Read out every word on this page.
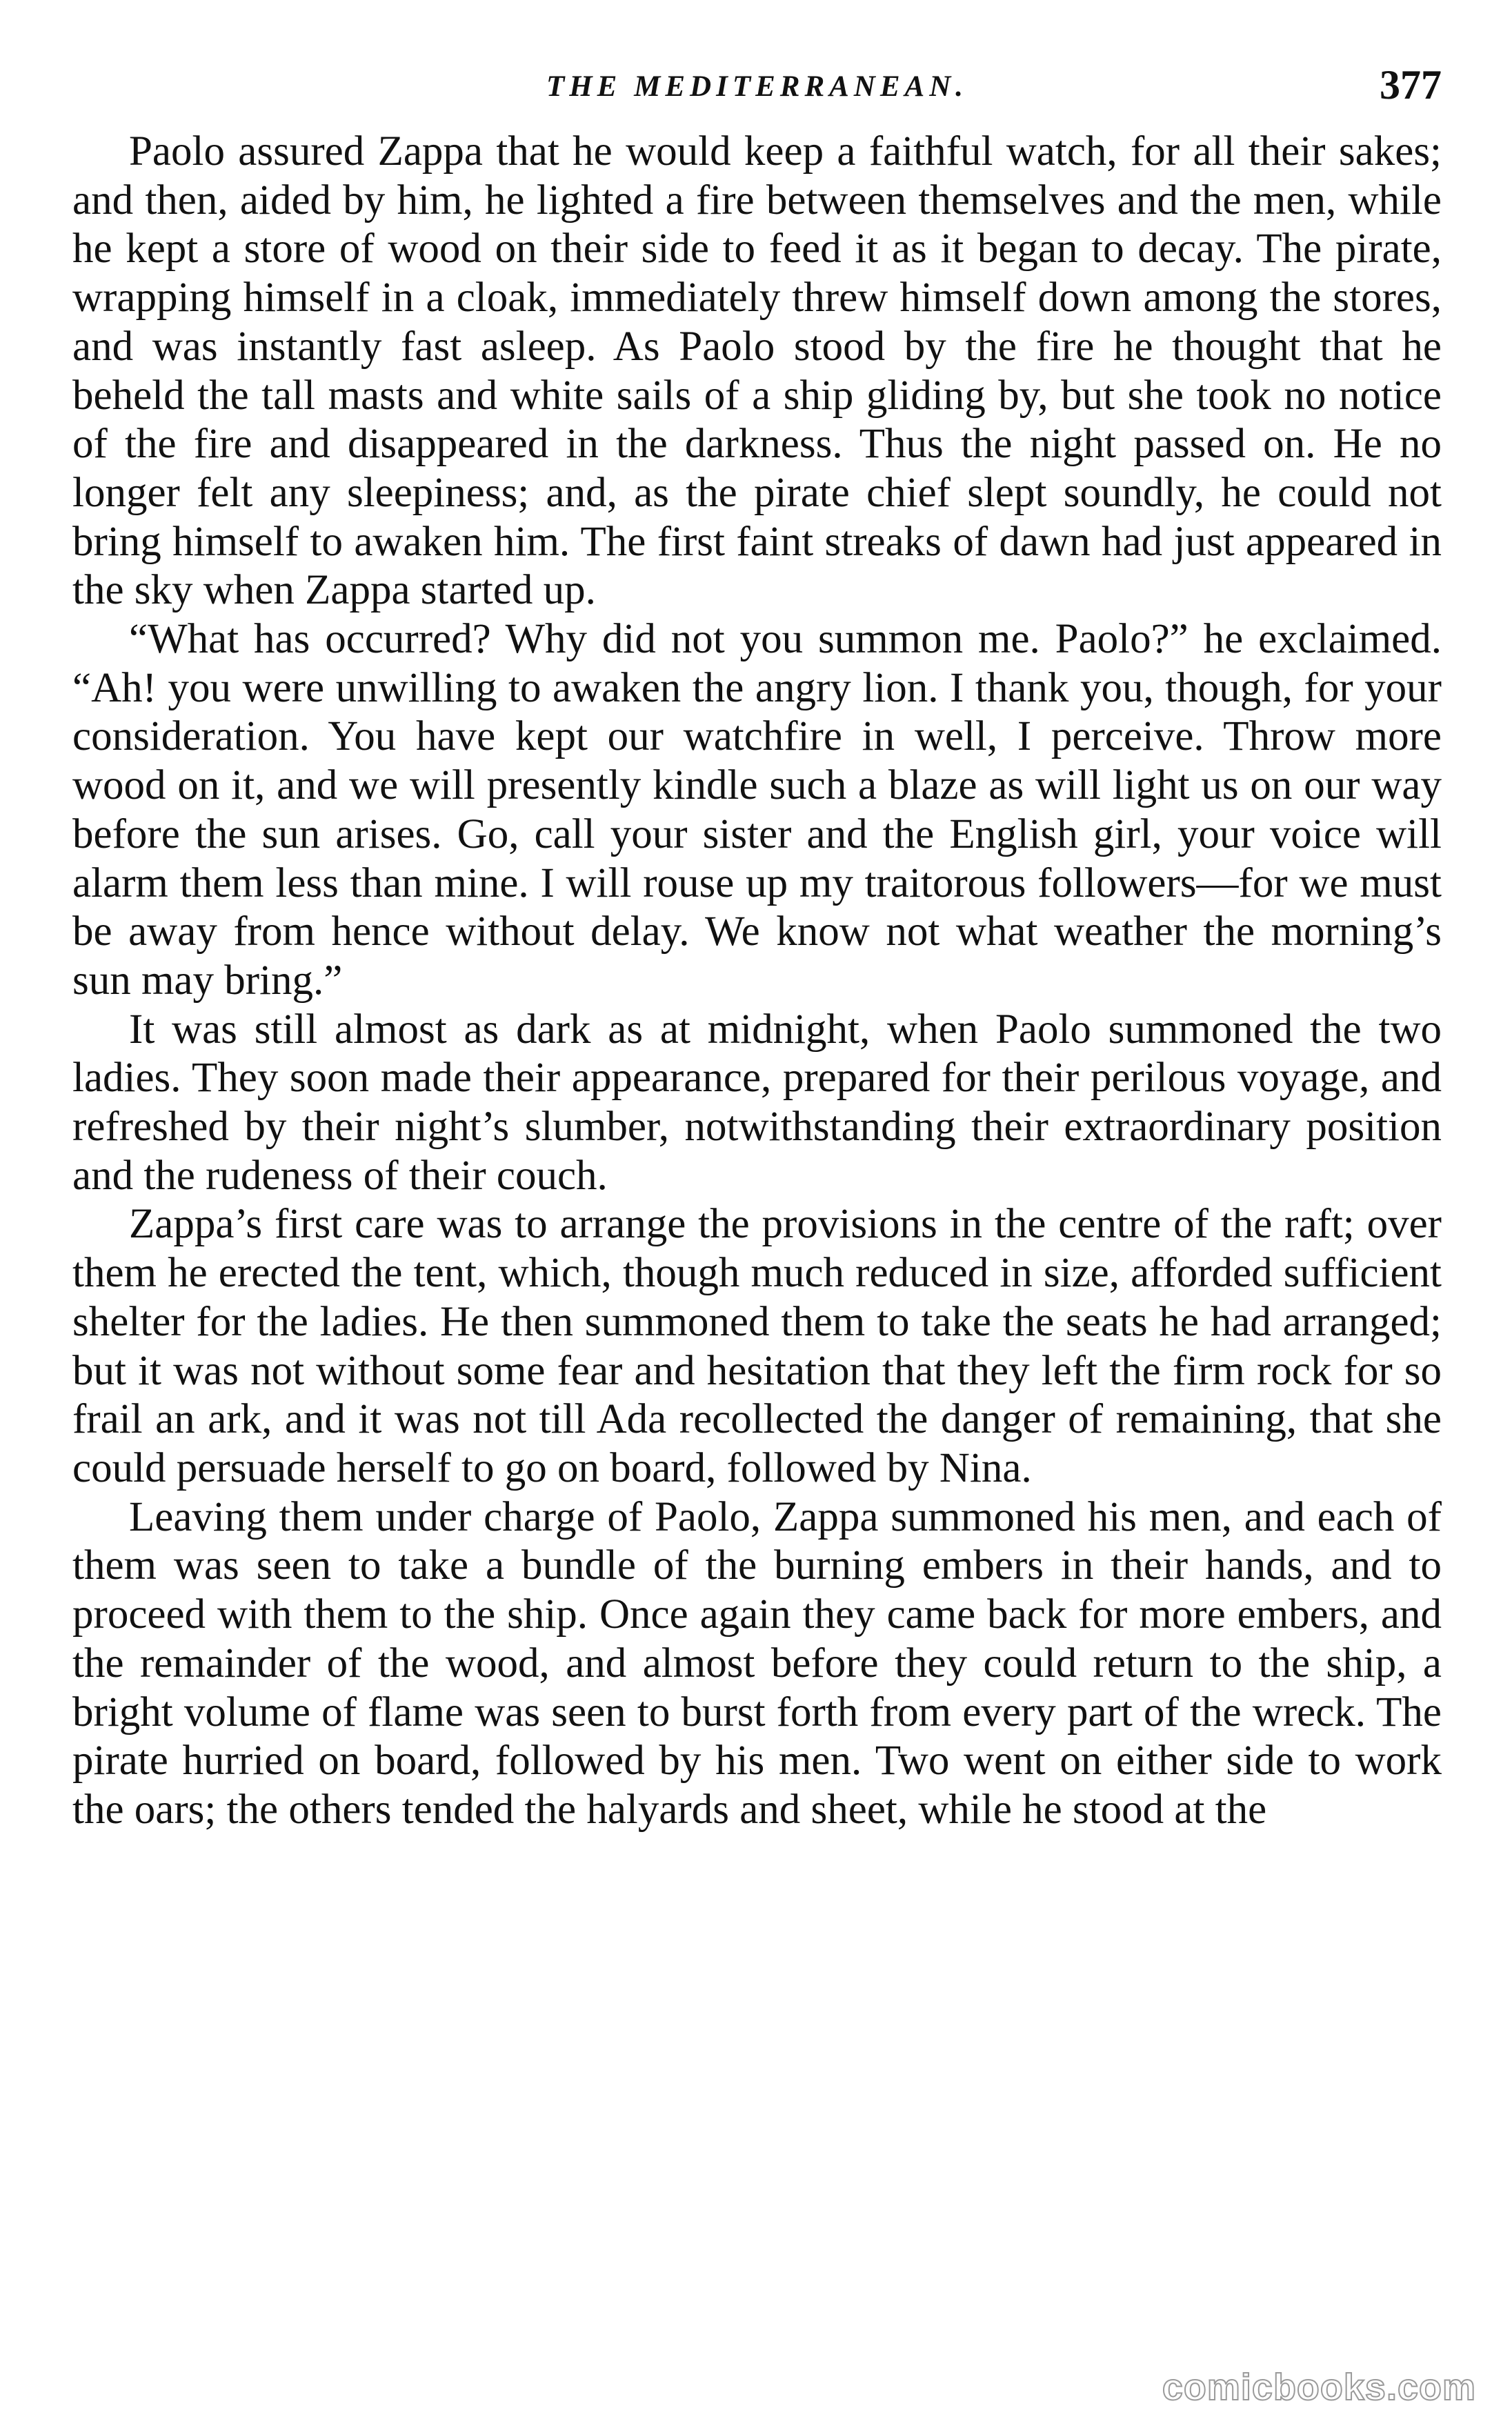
THE MEDITERRANEAN.	377

Paolo assured Zappa that he would keep a faithful watch, for all their sakes; and then, aided by him, he lighted a fire between themselves and the men, while he kept a store of wood on their side to feed it as it began to decay. The pirate, wrapping himself in a cloak, immediately threw himself down among the stores, and was instantly fast asleep. As Paolo stood by the fire he thought that he beheld the tall masts and white sails of a ship gliding by, but she took no notice of the fire and disappeared in the darkness. Thus the night passed on. He no longer felt any sleepiness; and, as the pirate chief slept soundly, he could not bring himself to awaken him. The first faint streaks of dawn had just appeared in the sky when Zappa started up.

“What has occurred? Why did not you summon me. Paolo?” he exclaimed. “Ah! you were unwilling to awaken the angry lion. I thank you, though, for your consideration. You have kept our watchfire in well, I perceive. Throw more wood on it, and we will presently kindle such a blaze as will light us on our way before the sun arises. Go, call your sister and the English girl, your voice will alarm them less than mine. I will rouse up my traitorous followers—for we must be away from hence without delay. We know not what weather the morning’s sun may bring.”

It was still almost as dark as at midnight, when Paolo summoned the two ladies. They soon made their appearance, prepared for their perilous voyage, and refreshed by their night’s slumber, notwithstanding their extraordinary position and the rudeness of their couch.

Zappa’s first care was to arrange the provisions in the centre of the raft; over them he erected the tent, which, though much reduced in size, afforded sufficient shelter for the ladies. He then summoned them to take the seats he had arranged; but it was not without some fear and hesitation that they left the firm rock for so frail an ark, and it was not till Ada recollected the danger of remaining, that she could persuade herself to go on board, followed by Nina.

Leaving them under charge of Paolo, Zappa summoned his men, and each of them was seen to take a bundle of the burning embers in their hands, and to proceed with them to the ship. Once again they came back for more embers, and the remainder of the wood, and almost before they could return to the ship, a bright volume of flame was seen to burst forth from every part of the wreck. The pirate hurried on board, followed by his men. Two went on either side to work the oars; the others tended the halyards and sheet, while he stood at the

comicbooks.com
